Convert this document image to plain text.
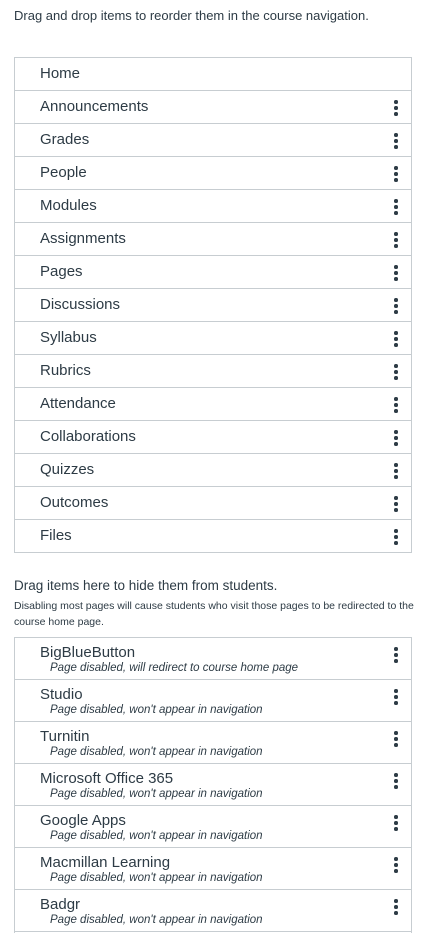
Drag and drop items to reorder them in the course navigation.

Home
Announcements
Grades
People
Modules
Assignments
Pages
Discussions
Syllabus
Rubrics
Attendance
Collaborations
Quizzes
Outcomes
Files
Drag items here to hide them from students.
Disabling most pages will cause students who visit those pages to be redirected to the course home page.
BigBlueButton
Page disabled, will redirect to course home page
Studio
Page disabled, won't appear in navigation
Turnitin
Page disabled, won't appear in navigation
Microsoft Office 365
Page disabled, won't appear in navigation
Google Apps
Page disabled, won't appear in navigation
Macmillan Learning
Page disabled, won't appear in navigation
Badgr
Page disabled, won't appear in navigation
